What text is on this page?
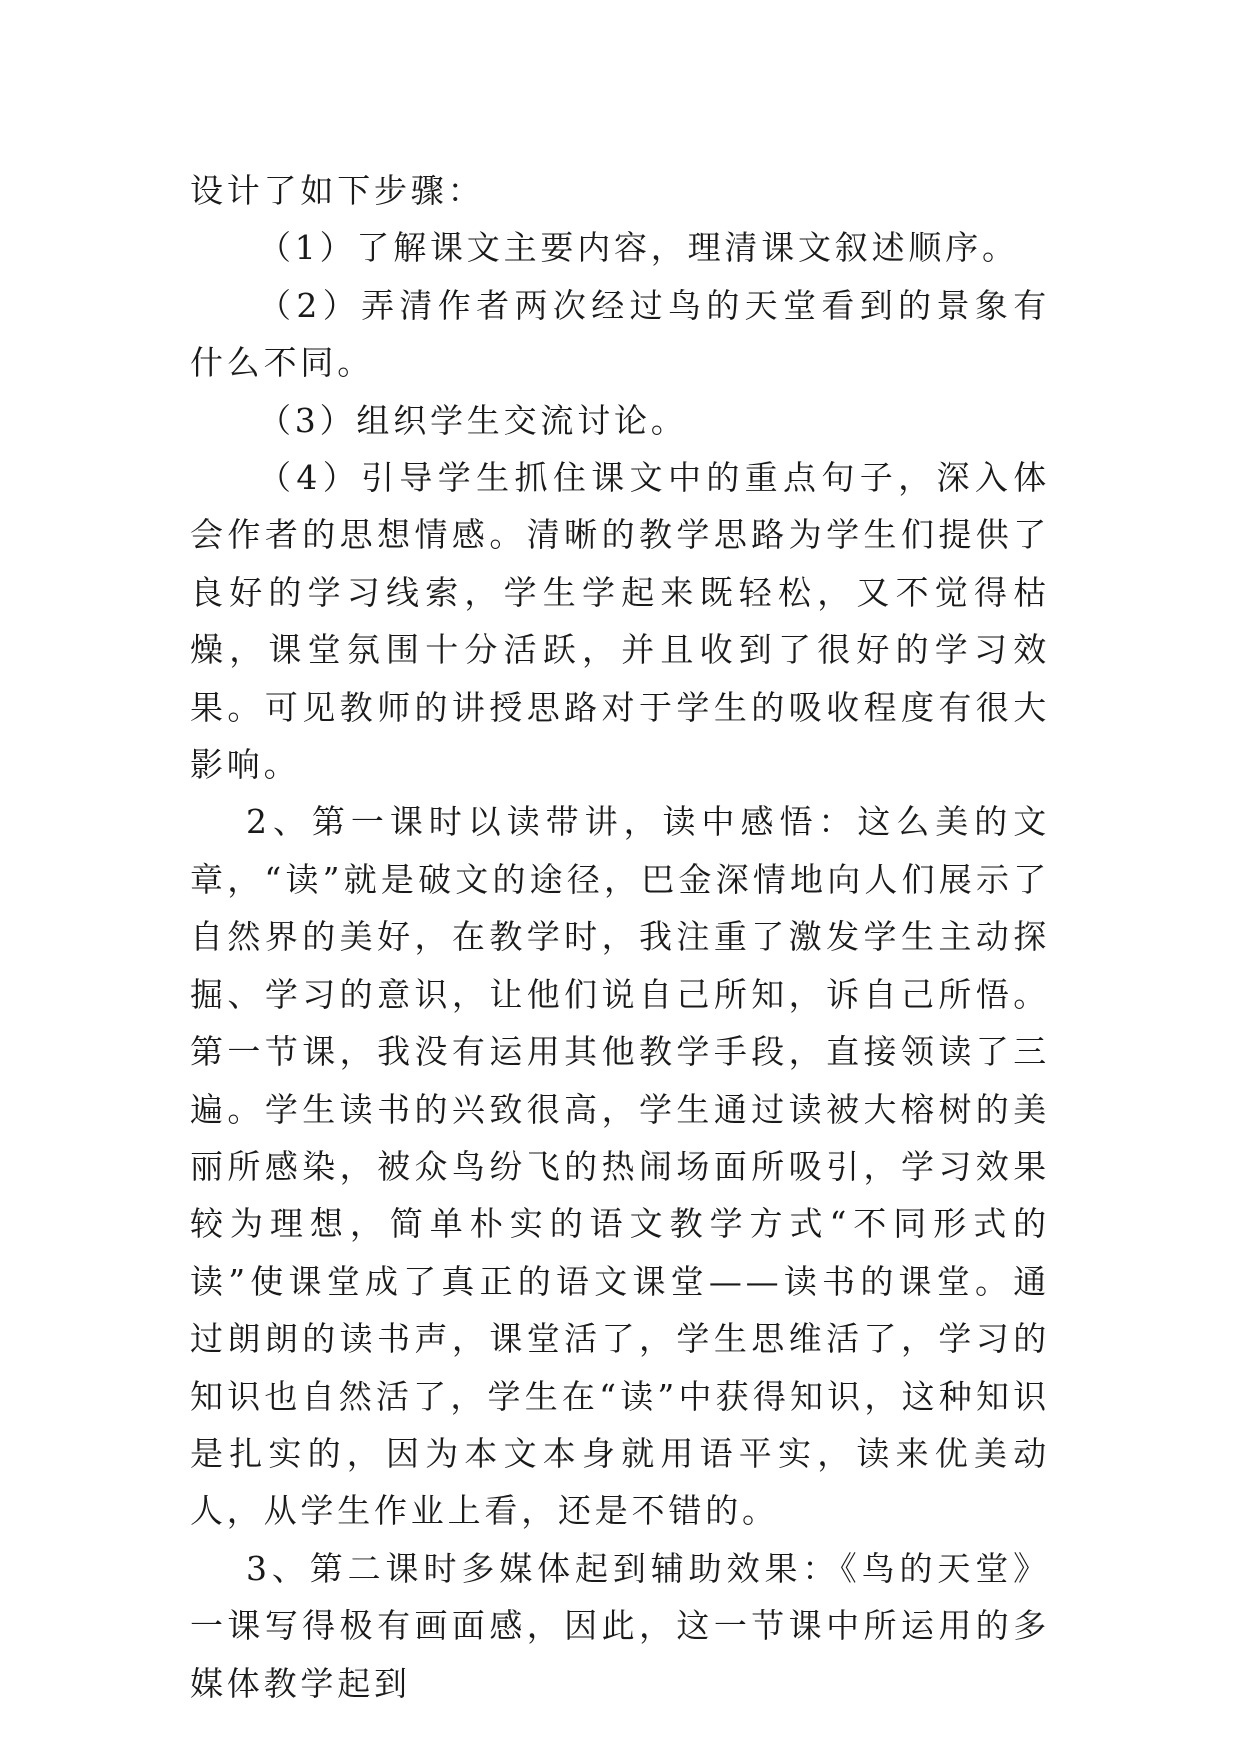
设计了如下步骤：

（1）了解课文主要内容，理清课文叙述顺序。

（2）弄清作者两次经过鸟的天堂看到的景象有什么不同。

（3）组织学生交流讨论。

（4）引导学生抓住课文中的重点句子，深入体会作者的思想情感。清晰的教学思路为学生们提供了良好的学习线索，学生学起来既轻松，又不觉得枯燥，课堂氛围十分活跃，并且收到了很好的学习效果。可见教师的讲授思路对于学生的吸收程度有很大影响。

2、第一课时以读带讲，读中感悟：这么美的文章，“读”就是破文的途径，巴金深情地向人们展示了自然界的美好，在教学时，我注重了激发学生主动探掘、学习的意识，让他们说自己所知，诉自己所悟。第一节课，我没有运用其他教学手段，直接领读了三遍。学生读书的兴致很高，学生通过读被大榕树的美丽所感染，被众鸟纷飞的热闹场面所吸引，学习效果较为理想，简单朴实的语文教学方式“不同形式的读”使课堂成了真正的语文课堂——读书的课堂。通过朗朗的读书声，课堂活了，学生思维活了，学习的知识也自然活了，学生在“读”中获得知识，这种知识是扎实的，因为本文本身就用语平实，读来优美动人，从学生作业上看，还是不错的。

3、第二课时多媒体起到辅助效果：《鸟的天堂》一课写得极有画面感，因此，这一节课中所运用的多媒体教学起到
